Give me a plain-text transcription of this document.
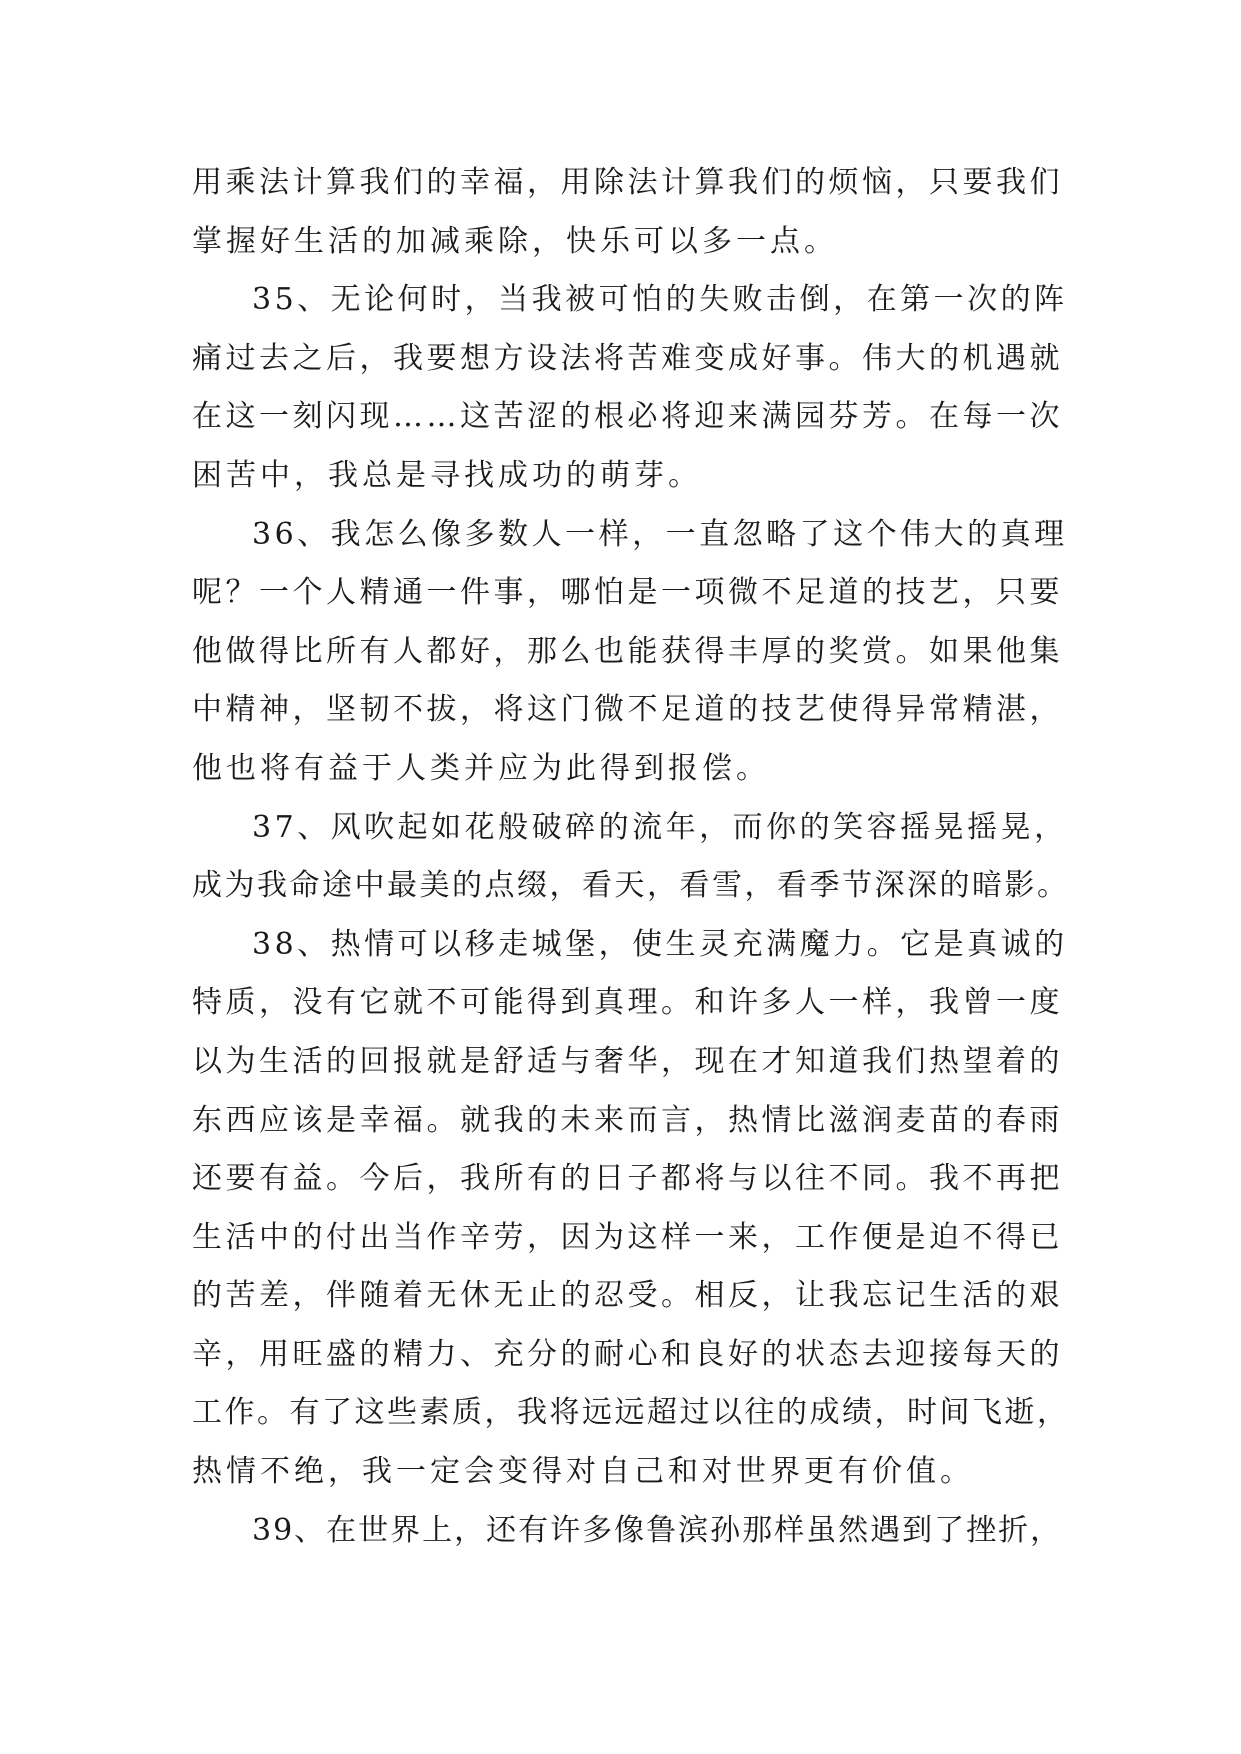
用乘法计算我们的幸福，用除法计算我们的烦恼，只要我们
掌握好生活的加减乘除，快乐可以多一点。
35、无论何时，当我被可怕的失败击倒，在第一次的阵
痛过去之后，我要想方设法将苦难变成好事。伟大的机遇就
在这一刻闪现……这苦涩的根必将迎来满园芬芳。在每一次
困苦中，我总是寻找成功的萌芽。
36、我怎么像多数人一样，一直忽略了这个伟大的真理
呢？一个人精通一件事，哪怕是一项微不足道的技艺，只要
他做得比所有人都好，那么也能获得丰厚的奖赏。如果他集
中精神，坚韧不拔，将这门微不足道的技艺使得异常精湛，
他也将有益于人类并应为此得到报偿。
37、风吹起如花般破碎的流年，而你的笑容摇晃摇晃，
成为我命途中最美的点缀，看天，看雪，看季节深深的暗影。
38、热情可以移走城堡，使生灵充满魔力。它是真诚的
特质，没有它就不可能得到真理。和许多人一样，我曾一度
以为生活的回报就是舒适与奢华，现在才知道我们热望着的
东西应该是幸福。就我的未来而言，热情比滋润麦苗的春雨
还要有益。今后，我所有的日子都将与以往不同。我不再把
生活中的付出当作辛劳，因为这样一来，工作便是迫不得已
的苦差，伴随着无休无止的忍受。相反，让我忘记生活的艰
辛，用旺盛的精力、充分的耐心和良好的状态去迎接每天的
工作。有了这些素质，我将远远超过以往的成绩，时间飞逝，
热情不绝，我一定会变得对自己和对世界更有价值。
39、在世界上，还有许多像鲁滨孙那样虽然遇到了挫折，
